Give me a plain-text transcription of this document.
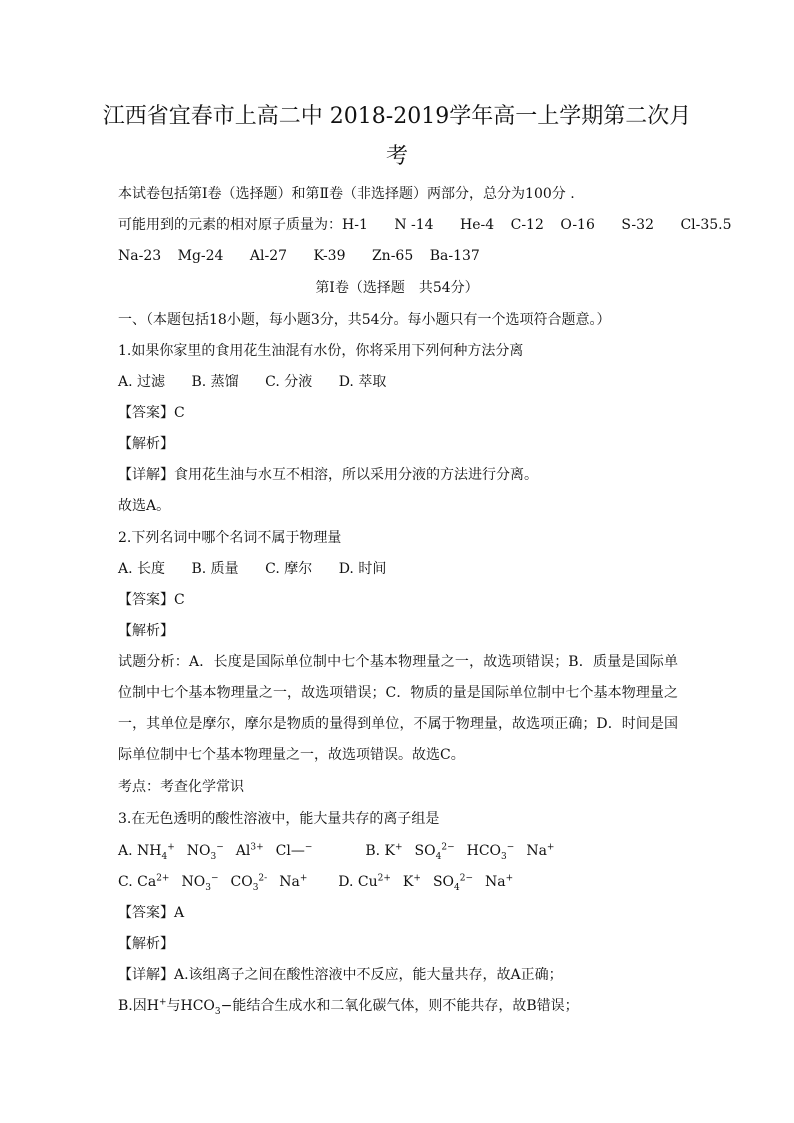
江西省宜春市上高二中 2018-2019学年高一上学期第二次月
考
本试卷包括第Ⅰ卷（选择题）和第Ⅱ卷（非选择题）两部分，总分为100分 .
可能用到的元素的相对原子质量为：H-1 N -14 He-4 C-12 O-16 S-32 Cl-35.5
Na-23 Mg-24 Al-27 K-39 Zn-65 Ba-137
第Ⅰ卷（选择题　共54分）
一、（本题包括18小题，每小题3分，共54分。每小题只有一个选项符合题意。）
1.如果你家里的食用花生油混有水份，你将采用下列何种方法分离
A. 过滤 B. 蒸馏 C. 分液 D. 萃取
【答案】C
【解析】
【详解】食用花生油与水互不相溶，所以采用分液的方法进行分离。
故选A。
2.下列名词中哪个名词不属于物理量
A. 长度 B. 质量 C. 摩尔 D. 时间
【答案】C
【解析】
试题分析：A．长度是国际单位制中七个基本物理量之一，故选项错误；B．质量是国际单位制中七个基本物理量之一，故选项错误；C．物质的量是国际单位制中七个基本物理量之一，其单位是摩尔，摩尔是物质的量得到单位，不属于物理量，故选项正确；D．时间是国际单位制中七个基本物理量之一，故选项错误。故选C。
考点：考查化学常识
3.在无色透明的酸性溶液中，能大量共存的离子组是
A. $NH_4^+$ $NO_3^-$ $Al^{3+}$ Cl—−	B. K+ $SO_4^{2-}$ $HCO_3^-$ Na+
C. $Ca^{2+}$ $NO_3^-$ $CO_3^{2-}$ Na+ D. $Cu^{2+}$ K+ $SO_4^{2-}$ Na+
【答案】A
【解析】
【详解】A.该组离子之间在酸性溶液中不反应，能大量共存，故A正确；
B.因H+与$HCO_3-$能结合生成水和二氧化碳气体，则不能共存，故B错误；
